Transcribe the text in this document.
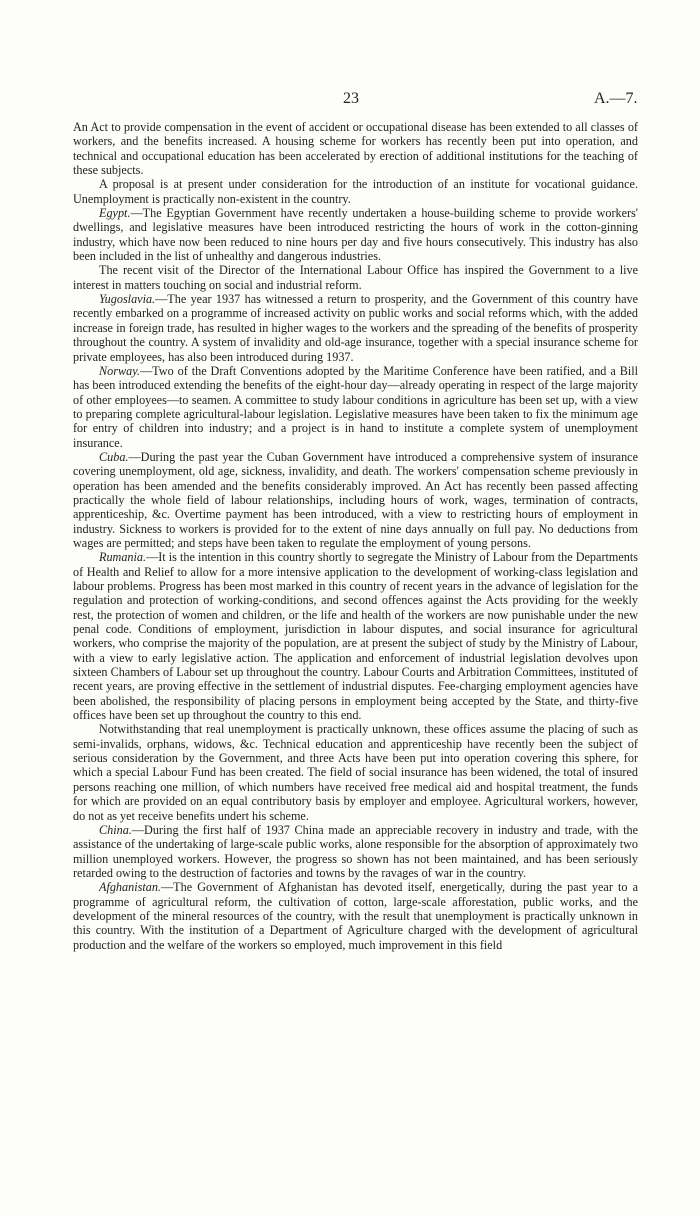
23	A.—7.

An Act to provide compensation in the event of accident or occupational disease has been extended to all classes of workers, and the benefits increased. A housing scheme for workers has recently been put into operation, and technical and occupational education has been accelerated by erection of additional institutions for the teaching of these subjects.

A proposal is at present under consideration for the introduction of an institute for vocational guidance. Unemployment is practically non-existent in the country.

Egypt.—The Egyptian Government have recently undertaken a house-building scheme to provide workers' dwellings, and legislative measures have been introduced restricting the hours of work in the cotton-ginning industry, which have now been reduced to nine hours per day and five hours consecutively. This industry has also been included in the list of unhealthy and dangerous industries.

The recent visit of the Director of the International Labour Office has inspired the Government to a live interest in matters touching on social and industrial reform.

Yugoslavia.—The year 1937 has witnessed a return to prosperity, and the Government of this country have recently embarked on a programme of increased activity on public works and social reforms which, with the added increase in foreign trade, has resulted in higher wages to the workers and the spreading of the benefits of prosperity throughout the country. A system of invalidity and old-age insurance, together with a special insurance scheme for private employees, has also been introduced during 1937.

Norway.—Two of the Draft Conventions adopted by the Maritime Conference have been ratified, and a Bill has been introduced extending the benefits of the eight-hour day—already operating in respect of the large majority of other employees—to seamen. A committee to study labour conditions in agriculture has been set up, with a view to preparing complete agricultural-labour legislation. Legislative measures have been taken to fix the minimum age for entry of children into industry; and a project is in hand to institute a complete system of unemployment insurance.

Cuba.—During the past year the Cuban Government have introduced a comprehensive system of insurance covering unemployment, old age, sickness, invalidity, and death. The workers' compensation scheme previously in operation has been amended and the benefits considerably improved. An Act has recently been passed affecting practically the whole field of labour relationships, including hours of work, wages, termination of contracts, apprenticeship, &c. Overtime payment has been introduced, with a view to restricting hours of employment in industry. Sickness to workers is provided for to the extent of nine days annually on full pay. No deductions from wages are permitted; and steps have been taken to regulate the employment of young persons.

Rumania.—It is the intention in this country shortly to segregate the Ministry of Labour from the Departments of Health and Relief to allow for a more intensive application to the development of working-class legislation and labour problems. Progress has been most marked in this country of recent years in the advance of legislation for the regulation and protection of working-conditions, and second offences against the Acts providing for the weekly rest, the protection of women and children, or the life and health of the workers are now punishable under the new penal code. Conditions of employment, jurisdiction in labour disputes, and social insurance for agricultural workers, who comprise the majority of the population, are at present the subject of study by the Ministry of Labour, with a view to early legislative action. The application and enforcement of industrial legislation devolves upon sixteen Chambers of Labour set up throughout the country. Labour Courts and Arbitration Committees, instituted of recent years, are proving effective in the settlement of industrial disputes. Fee-charging employment agencies have been abolished, the responsibility of placing persons in employment being accepted by the State, and thirty-five offices have been set up throughout the country to this end.

Notwithstanding that real unemployment is practically unknown, these offices assume the placing of such as semi-invalids, orphans, widows, &c. Technical education and apprenticeship have recently been the subject of serious consideration by the Government, and three Acts have been put into operation covering this sphere, for which a special Labour Fund has been created. The field of social insurance has been widened, the total of insured persons reaching one million, of which numbers have received free medical aid and hospital treatment, the funds for which are provided on an equal contributory basis by employer and employee. Agricultural workers, however, do not as yet receive benefits undert his scheme.

China.—During the first half of 1937 China made an appreciable recovery in industry and trade, with the assistance of the undertaking of large-scale public works, alone responsible for the absorption of approximately two million unemployed workers. However, the progress so shown has not been maintained, and has been seriously retarded owing to the destruction of factories and towns by the ravages of war in the country.

Afghanistan.—The Government of Afghanistan has devoted itself, energetically, during the past year to a programme of agricultural reform, the cultivation of cotton, large-scale afforestation, public works, and the development of the mineral resources of the country, with the result that unemployment is practically unknown in this country. With the institution of a Department of Agriculture charged with the development of agricultural production and the welfare of the workers so employed, much improvement in this field
